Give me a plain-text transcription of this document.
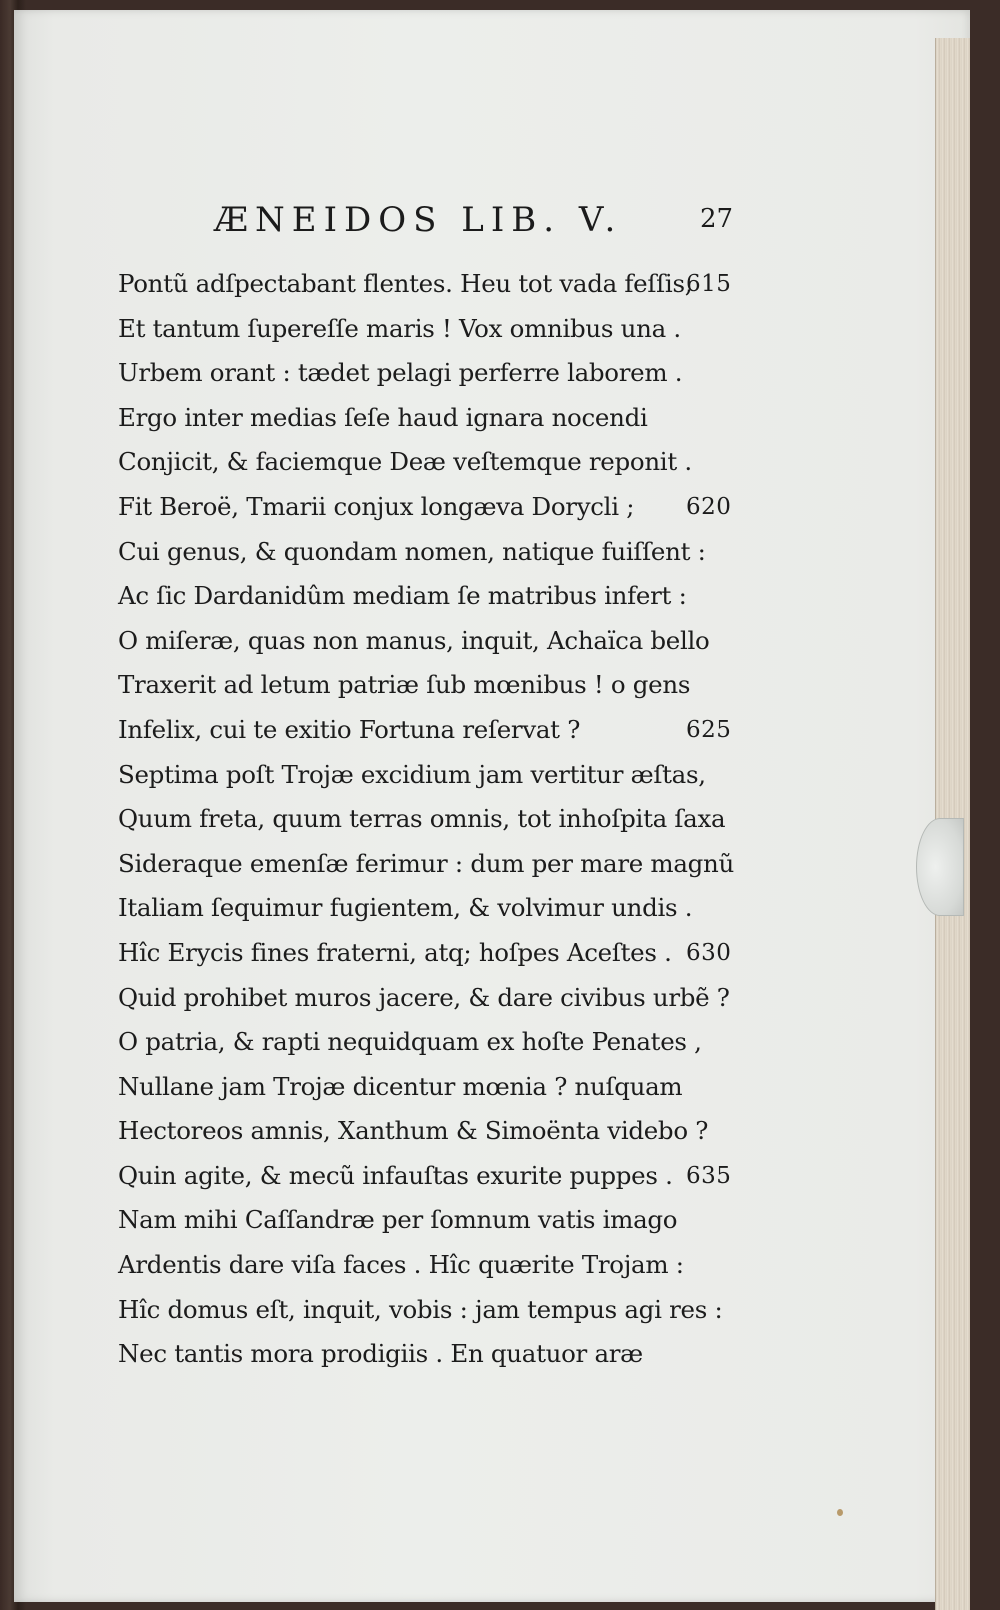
ÆNEIDOS LIB. V.	27
Pontũ adſpectabant flentes. Heu tot vada feſſis,
615
Et tantum ſupereſſe maris ! Vox omnibus una .
Urbem orant : tædet pelagi perferre laborem .
Ergo inter medias ſeſe haud ignara nocendi
Conjicit, & faciemque Deæ veſtemque reponit .
Fit Beroë, Tmarii conjux longæva Dorycli ; 620
Cui genus, & quondam nomen, natique fuiſſent :
Ac ſic Dardanidûm mediam ſe matribus infert :
O miſeræ, quas non manus, inquit, Achaïca bello
Traxerit ad letum patriæ ſub mœnibus ! o gens
Infelix, cui te exitio Fortuna reſervat ?	625
Septima poſt Trojæ excidium jam vertitur æſtas,
Quum freta, quum terras omnis, tot inhoſpita ſaxa
Sideraque emenſæ ferimur : dum per mare magnũ
Italiam ſequimur fugientem, & volvimur undis .
Hîc Erycis fines fraterni, atq; hoſpes Aceſtes . 630
Quid prohibet muros jacere, & dare civibus urbẽ ?
O patria, & rapti nequidquam ex hoſte Penates ,
Nullane jam Trojæ dicentur mœnia ? nuſquam
Hectoreos amnis, Xanthum & Simoënta videbo ?
Quin agite, & mecũ infauſtas exurite puppes . 635
Nam mihi Caſſandræ per ſomnum vatis imago
Ardentis dare viſa faces . Hîc quærite Trojam :
Hîc domus eſt, inquit, vobis : jam tempus agi res :
Nec tantis mora prodigiis . En quatuor aræ
